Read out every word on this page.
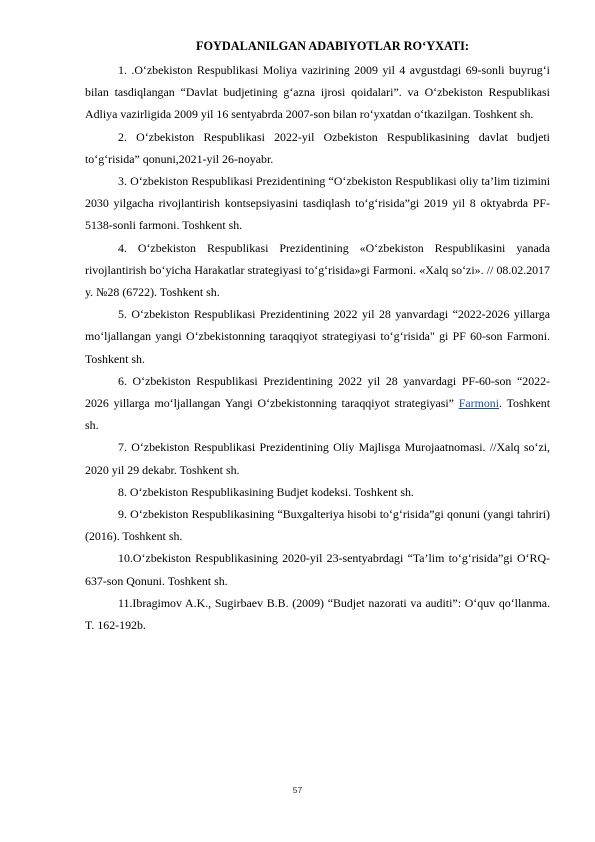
FOYDALANILGAN ADABIYOTLAR RO‘YXATI:
1. .O‘zbekiston Respublikasi Moliya vazirining 2009 yil 4 avgustdagi 69-sonli buyrug‘i bilan tasdiqlangan “Davlat budjetining g‘azna ijrosi qoidalari”. va O‘zbekiston Respublikasi Adliya vazirligida 2009 yil 16 sentyabrda 2007-son bilan ro‘yxatdan o‘tkazilgan. Toshkent sh.
2. O‘zbekiston Respublikasi 2022-yil Ozbekiston Respublikasining davlat budjeti to‘g‘risida” qonuni,2021-yil 26-noyabr.
3. O‘zbekiston Respublikasi Prezidentining “O‘zbekiston Respublikasi oliy ta’lim tizimini 2030 yilgacha rivojlantirish kontsepsiyasini tasdiqlash to‘g‘risida”gi 2019 yil 8 oktyabrda PF-5138-sonli farmoni. Toshkent sh.
4. O‘zbekiston Respublikasi Prezidentining «O‘zbekiston Respublikasini yanada rivojlantirish bo‘yicha Harakatlar strategiyasi to‘g‘risida»gi Farmoni. «Xalq so‘zi». // 08.02.2017 y. №28 (6722). Toshkent sh.
5. O‘zbekiston Respublikasi Prezidentining 2022 yil 28 yanvardagi “2022-2026 yillarga mo‘ljallangan yangi O‘zbekistonning taraqqiyot strategiyasi to‘g‘risida" gi PF 60-son Farmoni. Toshkent sh.
6. O‘zbekiston Respublikasi Prezidentining 2022 yil 28 yanvardagi PF-60-son “2022- 2026 yillarga mo‘ljallangan Yangi O‘zbekistonning taraqqiyot strategiyasi” Farmoni. Toshkent sh.
7. O‘zbekiston Respublikasi Prezidentining Oliy Majlisga Murojaatnomasi. //Xalq so‘zi, 2020 yil 29 dekabr. Toshkent sh.
8. O‘zbekiston Respublikasining Budjet kodeksi. Toshkent sh.
9. O‘zbekiston Respublikasining “Buxgalteriya hisobi to‘g‘risida”gi qonuni (yangi tahriri) (2016). Toshkent sh.
10.O‘zbekiston Respublikasining 2020-yil 23-sentyabrdagi “Ta’lim to‘g‘risida”gi O‘RQ-637-son Qonuni. Toshkent sh.
11.Ibragimov A.K., Sugirbaev B.B. (2009) “Budjet nazorati va auditi”: O‘quv qo‘llanma. T. 162-192b.
57
